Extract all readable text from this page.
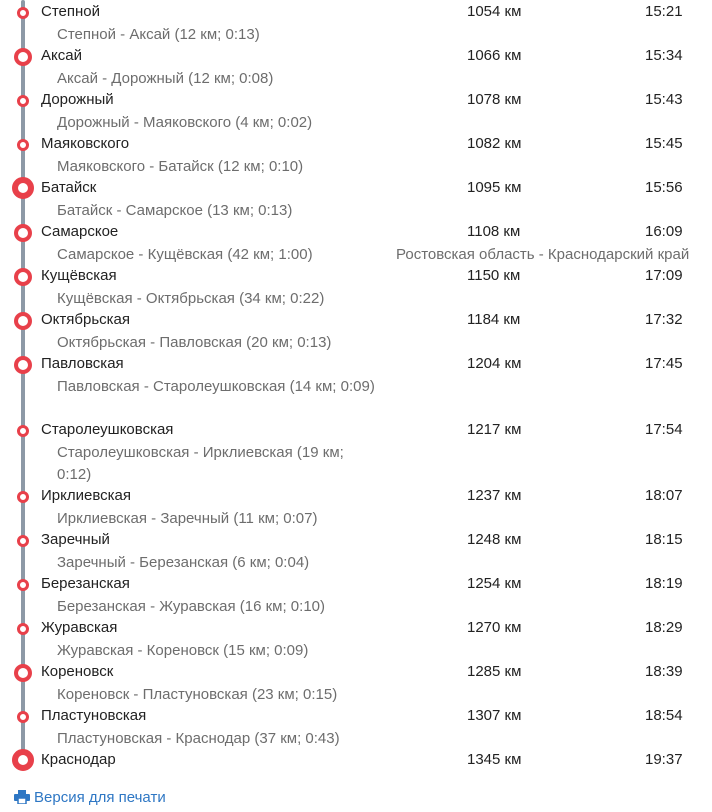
Степной	1054 км	15:21
Степной - Аксай (12 км; 0:13)
Аксай	1066 км	15:34
Аксай - Дорожный (12 км; 0:08)
Дорожный	1078 км	15:43
Дорожный - Маяковского (4 км; 0:02)
Маяковского	1082 км	15:45
Маяковского - Батайск (12 км; 0:10)
Батайск	1095 км	15:56
Батайск - Самарское (13 км; 0:13)
Самарское	1108 км	16:09
Самарское - Кущёвская (42 км; 1:00)	Ростовская область - Краснодарский край
Кущёвская	1150 км	17:09
Кущёвская - Октябрьская (34 км; 0:22)
Октябрьская	1184 км	17:32
Октябрьская - Павловская (20 км; 0:13)
Павловская	1204 км	17:45
Павловская - Старолеушковская (14 км; 0:09)
Старолеушковская	1217 км	17:54
Старолеушковская - Ирклиевская (19 км; 0:12)
Ирклиевская	1237 км	18:07
Ирклиевская - Заречный (11 км; 0:07)
Заречный	1248 км	18:15
Заречный - Березанская (6 км; 0:04)
Березанская	1254 км	18:19
Березанская - Журавская (16 км; 0:10)
Журавская	1270 км	18:29
Журавская - Кореновск (15 км; 0:09)
Кореновск	1285 км	18:39
Кореновск - Пластуновская (23 км; 0:15)
Пластуновская	1307 км	18:54
Пластуновская - Краснодар (37 км; 0:43)
Краснодар	1345 км	19:37
Версия для печати
